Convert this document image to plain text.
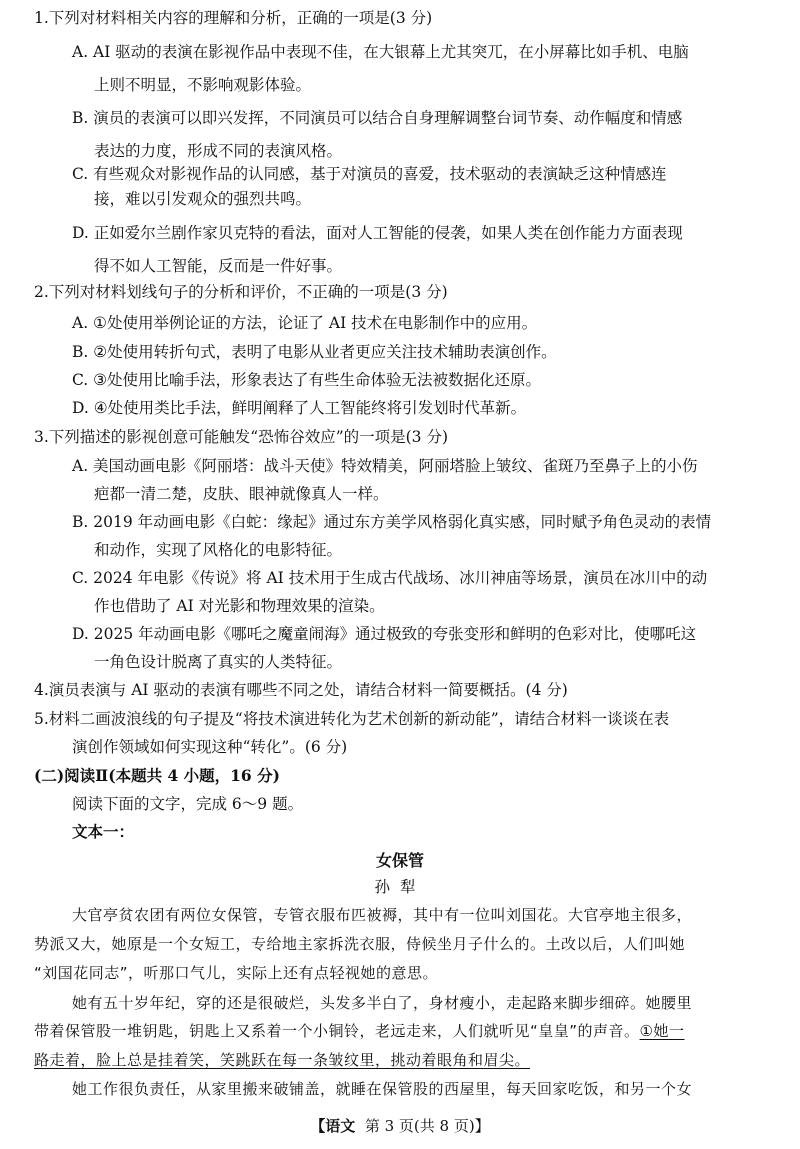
1.下列对材料相关内容的理解和分析，正确的一项是(3 分)
A. AI 驱动的表演在影视作品中表现不佳，在大银幕上尤其突兀，在小屏幕比如手机、电脑
上则不明显，不影响观影体验。
B. 演员的表演可以即兴发挥，不同演员可以结合自身理解调整台词节奏、动作幅度和情感
表达的力度，形成不同的表演风格。
C. 有些观众对影视作品的认同感，基于对演员的喜爱，技术驱动的表演缺乏这种情感连
接，难以引发观众的强烈共鸣。
D. 正如爱尔兰剧作家贝克特的看法，面对人工智能的侵袭，如果人类在创作能力方面表现
得不如人工智能，反而是一件好事。
2.下列对材料划线句子的分析和评价，不正确的一项是(3 分)
A. ①处使用举例论证的方法，论证了 AI 技术在电影制作中的应用。
B. ②处使用转折句式，表明了电影从业者更应关注技术辅助表演创作。
C. ③处使用比喻手法，形象表达了有些生命体验无法被数据化还原。
D. ④处使用类比手法，鲜明阐释了人工智能终将引发划时代革新。
3.下列描述的影视创意可能触发“恐怖谷效应”的一项是(3 分)
A. 美国动画电影《阿丽塔：战斗天使》特效精美，阿丽塔脸上皱纹、雀斑乃至鼻子上的小伤
疤都一清二楚，皮肤、眼神就像真人一样。
B. 2019 年动画电影《白蛇：缘起》通过东方美学风格弱化真实感，同时赋予角色灵动的表情
和动作，实现了风格化的电影特征。
C. 2024 年电影《传说》将 AI 技术用于生成古代战场、冰川神庙等场景，演员在冰川中的动
作也借助了 AI 对光影和物理效果的渲染。
D. 2025 年动画电影《哪吒之魔童闹海》通过极致的夸张变形和鲜明的色彩对比，使哪吒这
一角色设计脱离了真实的人类特征。
4.演员表演与 AI 驱动的表演有哪些不同之处，请结合材料一简要概括。(4 分)
5.材料二画波浪线的句子提及“将技术演进转化为艺术创新的新动能”，请结合材料一谈谈在表
演创作领域如何实现这种“转化”。(6 分)
(二)阅读Ⅱ(本题共 4 小题，16 分)
阅读下面的文字，完成 6～9 题。
文本一：
女保管
孙犁
大官亭贫农团有两位女保管，专管衣服布匹被褥，其中有一位叫刘国花。大官亭地主很多，
势派又大，她原是一个女短工，专给地主家拆洗衣服，侍候坐月子什么的。土改以后，人们叫她
“刘国花同志”，听那口气儿，实际上还有点轻视她的意思。
她有五十岁年纪，穿的还是很破烂，头发多半白了，身材瘦小，走起路来脚步细碎。她腰里
带着保管股一堆钥匙，钥匙上又系着一个小铜铃，老远走来，人们就听见“皇皇”的声音。①她一
路走着，脸上总是挂着笑，笑跳跃在每一条皱纹里，挑动着眼角和眉尖。
她工作很负责任，从家里搬来破铺盖，就睡在保管股的西屋里，每天回家吃饭，和另一个女
【语文 第 3 页(共 8 页)】
